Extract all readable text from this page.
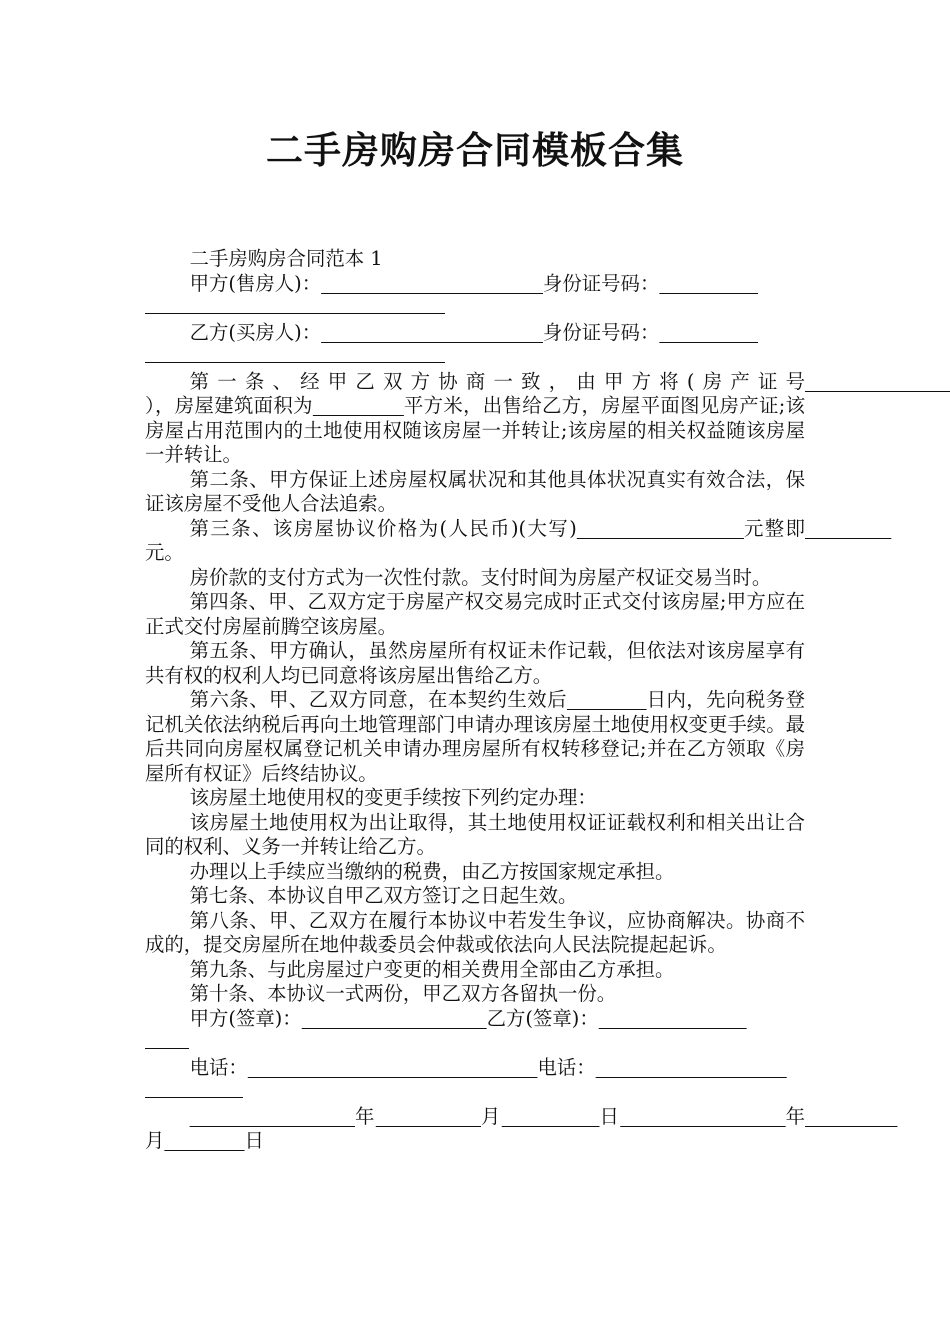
二手房购房合同模板合集

二手房购房合同范本 1

甲方(售房人)：	身份证号码：

乙方(买房人)：	身份证号码：

第一条、经甲乙双方协商一致，由甲方将(房产证号                                     ），房屋建筑面积为	平方米，出售给乙方，房屋平面图见房产证;该房屋占用范围内的土地使用权随该房屋一并转让;该房屋的相关权益随该房屋一并转让。

第二条、甲方保证上述房屋权属状况和其他具体状况真实有效合法，保证该房屋不受他人合法追索。

第三条、该房屋协议价格为(人民币)(大写)	元整即              元。

房价款的支付方式为一次性付款。支付时间为房屋产权证交易当时。

第四条、甲、乙双方定于房屋产权交易完成时正式交付该房屋;甲方应在正式交付房屋前腾空该房屋。

第五条、甲方确认，虽然房屋所有权证未作记载，但依法对该房屋享有共有权的权利人均已同意将该房屋出售给乙方。

第六条、甲、乙双方同意，在本契约生效后	日内，先向税务登记机关依法纳税后再向土地管理部门申请办理该房屋土地使用权变更手续。最后共同向房屋权属登记机关申请办理房屋所有权转移登记;并在乙方领取《房屋所有权证》后终结协议。

该房屋土地使用权的变更手续按下列约定办理：

该房屋土地使用权为出让取得，其土地使用权证证载权利和相关出让合同的权利、义务一并转让给乙方。

办理以上手续应当缴纳的税费，由乙方按国家规定承担。

第七条、本协议自甲乙双方签订之日起生效。

第八条、甲、乙双方在履行本协议中若发生争议，应协商解决。协商不成的，提交房屋所在地仲裁委员会仲裁或依法向人民法院提起起诉。

第九条、与此房屋过户变更的相关费用全部由乙方承担。

第十条、本协议一式两份，甲乙双方各留执一份。

甲方(签章)：	乙方(签章)：

电话：	电话：

年	月	日	年               月	日
